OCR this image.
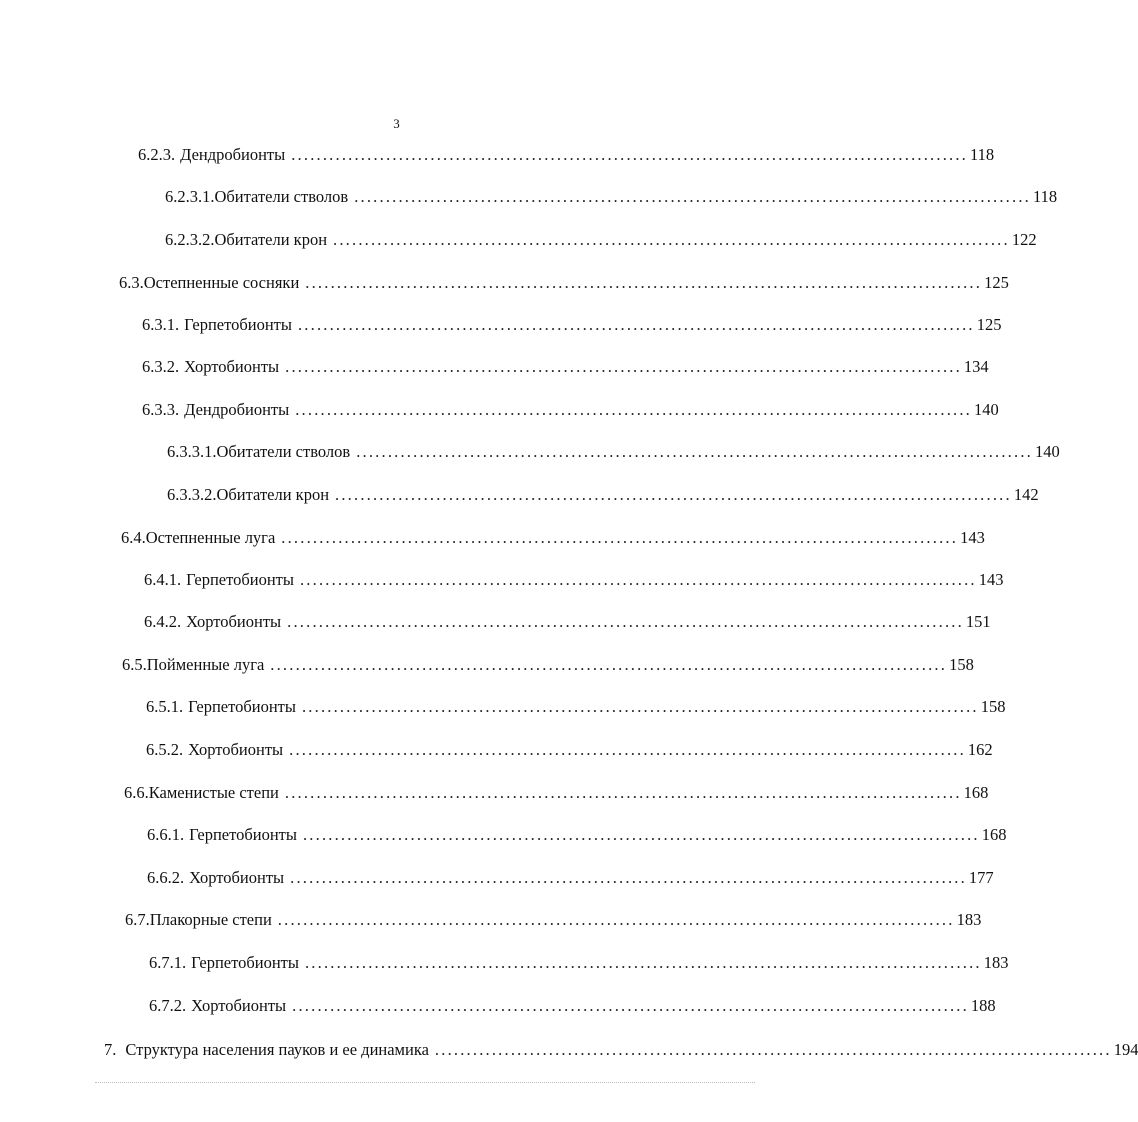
3
6.2.3. Дендробионты ........................................................................................................... 118
6.2.3.1. Обитатели стволов ........................................................................................................... 118
6.2.3.2. Обитатели крон ........................................................................................................... 122
6.3. Остепненные сосняки ........................................................................................................... 125
6.3.1. Герпетобионты ........................................................................................................... 125
6.3.2. Хортобионты ........................................................................................................... 134
6.3.3. Дендробионты ........................................................................................................... 140
6.3.3.1. Обитатели стволов ........................................................................................................... 140
6.3.3.2. Обитатели крон ........................................................................................................... 142
6.4. Остепненные луга ........................................................................................................... 143
6.4.1. Герпетобионты ........................................................................................................... 143
6.4.2. Хортобионты ........................................................................................................... 151
6.5. Пойменные луга ........................................................................................................... 158
6.5.1. Герпетобионты ........................................................................................................... 158
6.5.2. Хортобионты ........................................................................................................... 162
6.6. Каменистые степи ........................................................................................................... 168
6.6.1. Герпетобионты ........................................................................................................... 168
6.6.2. Хортобионты ........................................................................................................... 177
6.7. Плакорные степи ........................................................................................................... 183
6.7.1. Герпетобионты ........................................................................................................... 183
6.7.2. Хортобионты ........................................................................................................... 188
7. Структура населения пауков и ее динамика ........................................................................................................... 194
